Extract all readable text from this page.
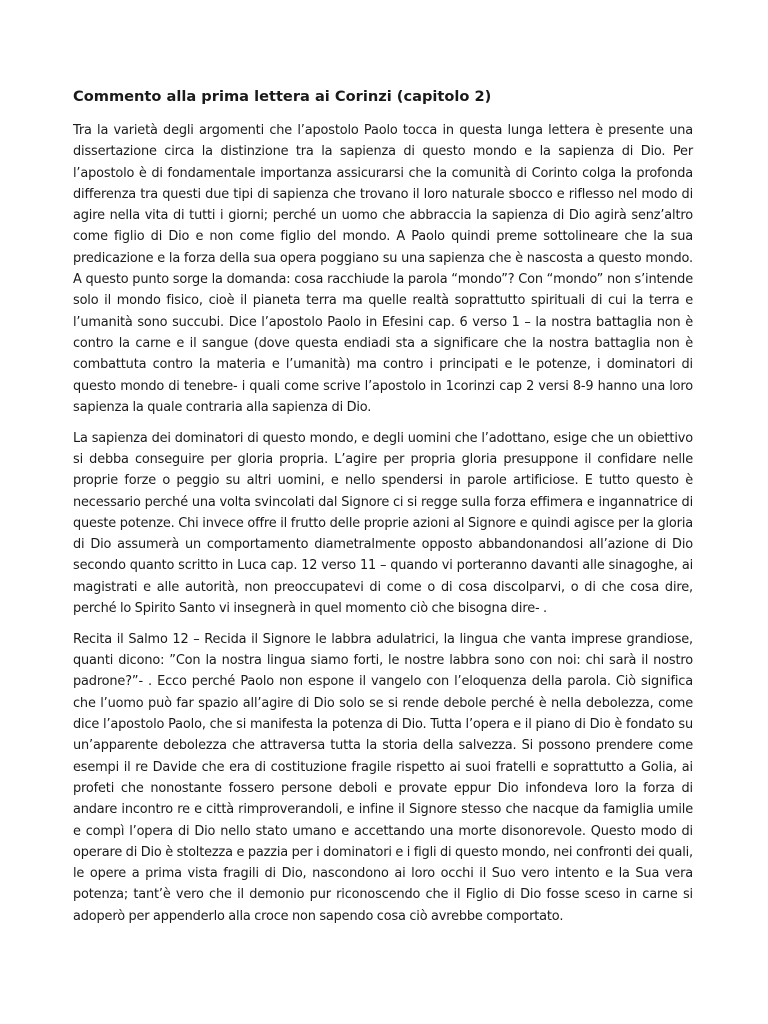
Commento alla prima lettera ai Corinzi (capitolo 2)

Tra la varietà degli argomenti che l’apostolo Paolo tocca in questa lunga lettera è presente una dissertazione circa la distinzione tra la sapienza di questo mondo e la sapienza di Dio. Per l’apostolo è di fondamentale importanza assicurarsi che la comunità di Corinto colga la profonda differenza tra questi due tipi di sapienza che trovano il loro naturale sbocco e riflesso nel modo di agire nella vita di tutti i giorni; perché un uomo che abbraccia la sapienza di Dio agirà senz’altro come figlio di Dio e non come figlio del mondo. A Paolo quindi preme sottolineare che la sua predicazione e la forza della sua opera poggiano su una sapienza che è nascosta a questo mondo. A questo punto sorge la domanda: cosa racchiude la parola “mondo”? Con “mondo” non s’intende solo il mondo fisico, cioè il pianeta terra ma quelle realtà soprattutto spirituali di cui la terra e l’umanità sono succubi. Dice l’apostolo Paolo in Efesini cap. 6 verso 1 – la nostra battaglia non è contro la carne e il sangue (dove questa endiadi sta a significare che la nostra battaglia non è combattuta contro la materia e l’umanità) ma contro i principati e le potenze, i dominatori di questo mondo di tenebre- i quali come scrive l’apostolo in 1corinzi cap 2 versi 8-9 hanno una loro sapienza la quale contraria alla sapienza di Dio.

La sapienza dei dominatori di questo mondo, e degli uomini che l’adottano, esige che un obiettivo si debba conseguire per gloria propria. L’agire per propria gloria presuppone il confidare nelle proprie forze o peggio su altri uomini, e nello spendersi in parole artificiose. E tutto questo è necessario perché una volta svincolati dal Signore ci si regge sulla forza effimera e ingannatrice di queste potenze. Chi invece offre il frutto delle proprie azioni al Signore e quindi agisce per la gloria di Dio assumerà un comportamento diametralmente opposto abbandonandosi all’azione di Dio secondo quanto scritto in Luca cap. 12 verso 11 – quando vi porteranno davanti alle sinagoghe, ai magistrati e alle autorità, non preoccupatevi di come o di cosa discolparvi, o di che cosa dire, perché lo Spirito Santo vi insegnerà in quel momento ciò che bisogna dire- .

Recita il Salmo 12 – Recida il Signore le labbra adulatrici, la lingua che vanta imprese grandiose, quanti dicono: ”Con la nostra lingua siamo forti, le nostre labbra sono con noi: chi sarà il nostro padrone?”- . Ecco perché Paolo non espone il vangelo con l’eloquenza della parola. Ciò significa che l’uomo può far spazio all’agire di Dio solo se si rende debole perché è nella debolezza, come dice l’apostolo Paolo, che si manifesta la potenza di Dio. Tutta l’opera e il piano di Dio è fondato su un’apparente debolezza che attraversa tutta la storia della salvezza. Si possono prendere come esempi il re Davide che era di costituzione fragile rispetto ai suoi fratelli e soprattutto a Golia, ai profeti che nonostante fossero persone deboli e provate eppur Dio infondeva loro la forza di andare incontro re e città rimproverandoli, e infine il Signore stesso che nacque da famiglia umile e compì l’opera di Dio nello stato umano e accettando una morte disonorevole. Questo modo di operare di Dio è stoltezza e pazzia per i dominatori e i figli di questo mondo, nei confronti dei quali, le opere a prima vista fragili di Dio, nascondono ai loro occhi il Suo vero intento e la Sua vera potenza; tant’è vero che il demonio pur riconoscendo che il Figlio di Dio fosse sceso in carne si adoperò per appenderlo alla croce non sapendo cosa ciò avrebbe comportato.
